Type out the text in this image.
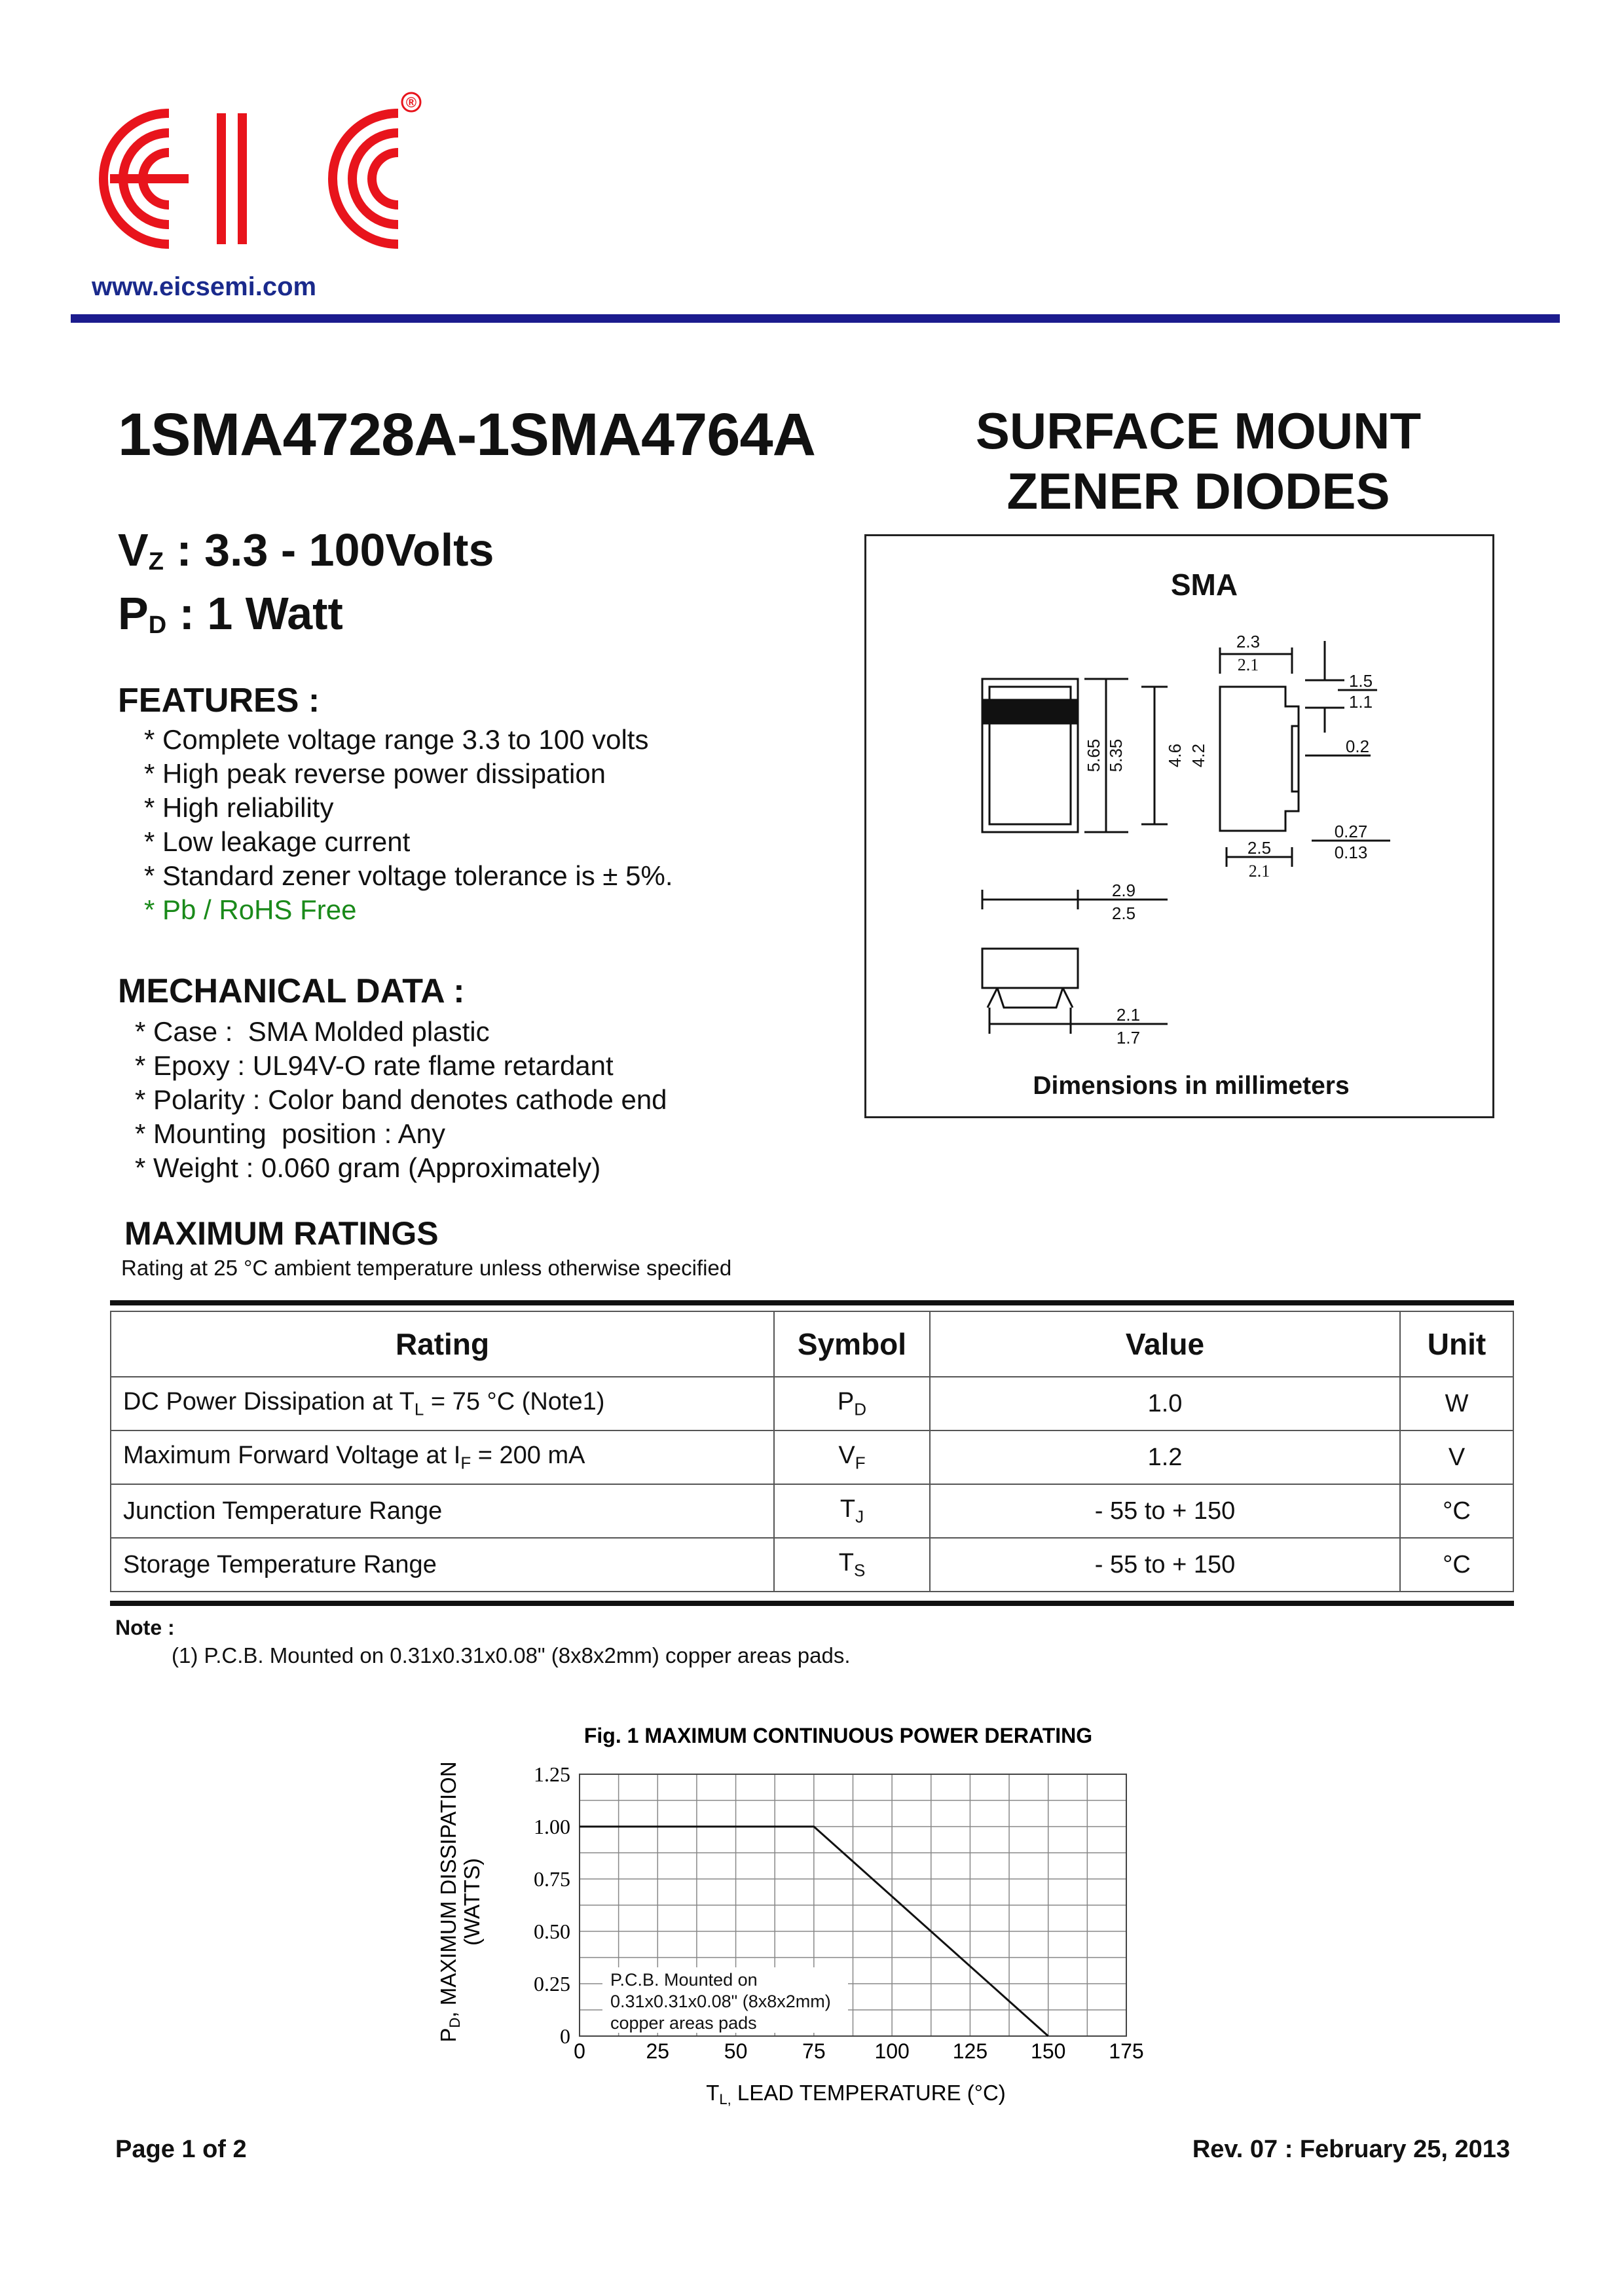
®
www.eicsemi.com
1SMA4728A-1SMA4764A	SURFACE MOUNT
ZENER DIODES
$V_Z$ : 3.3 - 100Volts
$P_D$ : 1 Watt
FEATURES :
* Complete voltage range 3.3 to 100 volts
* High peak reverse power dissipation
* High reliability
* Low leakage current
* Standard zener voltage tolerance is ± 5%.
* Pb / RoHS Free
MECHANICAL DATA :
* Case :  SMA Molded plastic
* Epoxy : UL94V-O rate flame retardant
* Polarity : Color band denotes cathode end
* Mounting  position : Any
* Weight : 0.060 gram (Approximately)
SMA
Dimensions in millimeters
2.3
2.1
1.5
1.1
0.2
0.27
0.13
2.5
2.1
2.9
2.5
2.1
1.7
5.65 5.35 4.6 4.2
MAXIMUM RATINGS
Rating at 25 °C ambient temperature unless otherwise specified
Rating	Symbol	Value	Unit
DC Power Dissipation at $T_L = 75$ °C (Note1)	$P_D$	1.0	W
Maximum Forward Voltage at $I_F = 200$ mA	$V_F$	1.2	V
Junction Temperature Range	$T_J$	- 55 to + 150	°C
Storage Temperature Range	$T_S$	- 55 to + 150	°C
Note :
(1) P.C.B. Mounted on 0.31x0.31x0.08" (8x8x2mm) copper areas pads.
Fig. 1 MAXIMUM CONTINUOUS POWER DERATING
0
0.25
0.50
0.75
1.00
1.25
0	25	50	75 100 125 150 175
P.C.B. Mounted on
0.31x0.31x0.08" (8x8x2mm)
copper areas pads
TL, LEAD TEMPERATURE (°C)
PD, MAXIMUM DISSIPATION (WATTS)
Page 1 of 2	Rev. 07 : February 25, 2013
